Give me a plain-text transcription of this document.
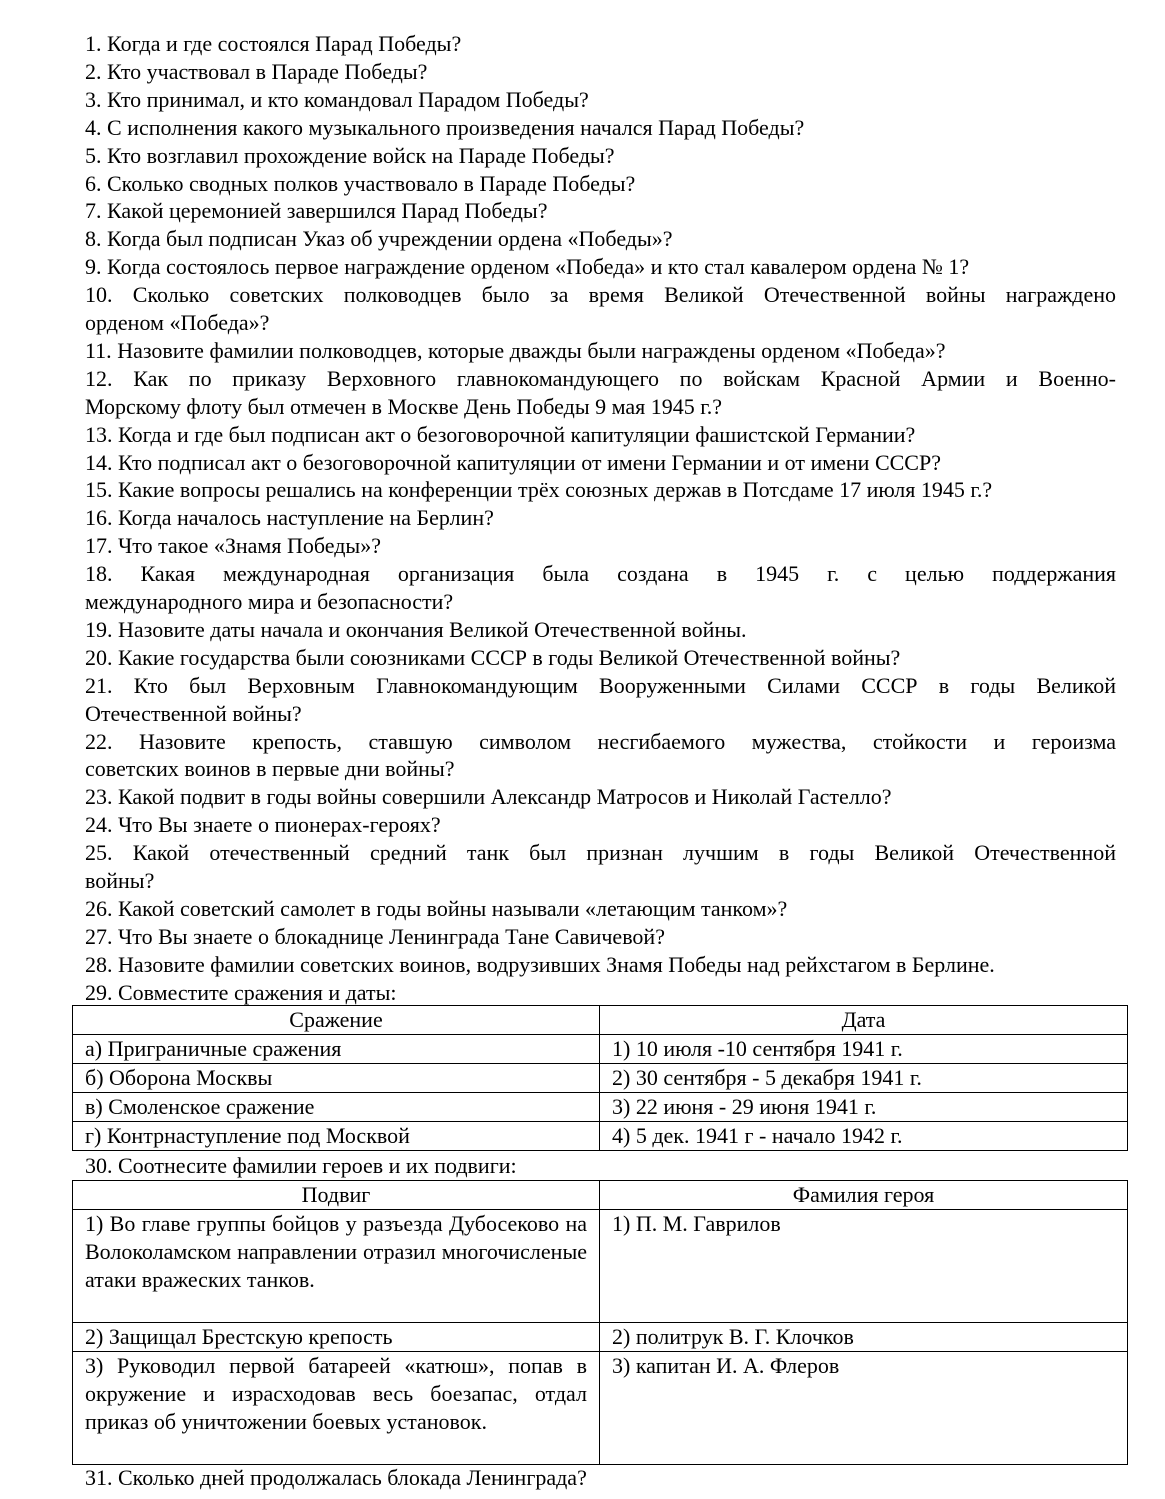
1. Когда и где состоялся Парад Победы?

2. Кто участвовал в Параде Победы?

3. Кто принимал, и кто командовал Парадом Победы?

4. С исполнения какого музыкального произведения начался Парад Победы?

5. Кто возглавил прохождение войск на Параде Победы?

6. Сколько сводных полков участвовало в Параде Победы?

7. Какой церемонией завершился Парад Победы?

8. Когда был подписан Указ об учреждении ордена «Победы»?

9. Когда состоялось первое награждение орденом «Победа» и кто стал кавалером ордена № 1?

10. Сколько советских полководцев было за время Великой Отечественной войны награждено

орденом «Победа»?

11. Назовите фамилии полководцев, которые дважды были награждены орденом «Победа»?

12. Как по приказу Верховного главнокомандующего по войскам Красной Армии и Военно-

Морскому флоту был отмечен в Москве День Победы 9 мая 1945 г.?

13. Когда и где был подписан акт о безоговорочной капитуляции фашистской Германии?

14. Кто подписал акт о безоговорочной капитуляции от имени Германии и от имени СССР?

15. Какие вопросы решались на конференции трёх союзных держав в Потсдаме 17 июля 1945 г.?

16. Когда началось наступление на Берлин?

17. Что такое «Знамя Победы»?

18. Какая международная организация была создана в 1945 г. с целью поддержания

международного мира и безопасности?

19. Назовите даты начала и окончания Великой Отечественной войны.

20. Какие государства были союзниками СССР в годы Великой Отечественной войны?

21. Кто был Верховным Главнокомандующим Вооруженными Силами СССР в годы Великой

Отечественной войны?

22. Назовите крепость, ставшую символом несгибаемого мужества, стойкости и героизма

советских воинов в первые дни войны?

23. Какой подвит в годы войны совершили Александр Матросов и Николай Гастелло?

24. Что Вы знаете о пионерах-героях?

25. Какой отечественный средний танк был признан лучшим в годы Великой Отечественной

войны?

26. Какой советский самолет в годы войны называли «летающим танком»?

27. Что Вы знаете о блокаднице Ленинграда Тане Савичевой?

28. Назовите фамилии советских воинов, водрузивших Знамя Победы над рейхстагом в Берлине.

29. Совместите сражения и даты:

Сражение	Дата
а) Приграничные сражения	1) 10 июля -10 сентября 1941 г.
б) Оборона Москвы	2) 30 сентября - 5 декабря 1941 г.
в) Смоленское сражение	3) 22 июня - 29 июня 1941 г.
г) Контрнаступление под Москвой	4) 5 дек. 1941 г - начало 1942 г.

30. Соотнесите фамилии героев и их подвиги:

Подвиг	Фамилия героя
1) Во главе группы бойцов у разъезда Дубосеково на Волоколамском направлении отразил многочисленые атаки вражеских танков.	1) П. М. Гаврилов
2) Защищал Брестскую крепость	2) политрук В. Г. Клочков
3) Руководил первой батареей «катюш», попав в окружение и израсходовав весь боезапас, отдал приказ об уничтожении боевых установок.	3) капитан И. А. Флеров

31. Сколько дней продолжалась блокада Ленинграда?
